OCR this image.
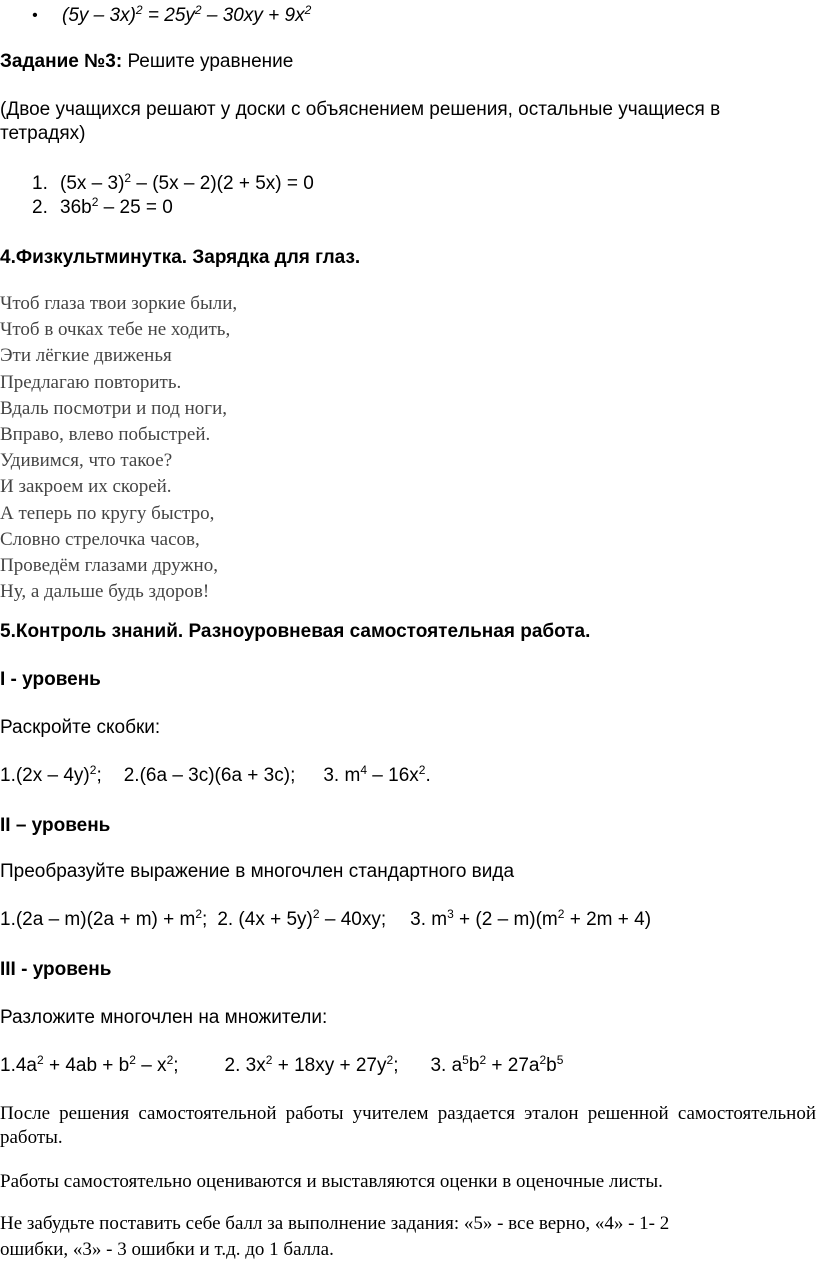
• $(5y - 3x)^2 = 25y^2 - 30xy + 9x^2$
Задание №3: Решите уравнение
(Двое учащихся решают у доски с объяснением решения, остальные учащиеся в
тетрадях)
1. (5x – 3)$^2$ – (5x – 2)(2 + 5x) = 0
2. $36b^2 - 25 = 0$
4.Физкультминутка. Зарядка для глаз.
Чтоб глаза твои зоркие были,
Чтоб в очках тебе не ходить,
Эти лёгкие движенья
Предлагаю повторить.
Вдаль посмотри и под ноги,
Вправо, влево побыстрей.
Удивимся, что такое?
И закроем их скорей.
А теперь по кругу быстро,
Словно стрелочка часов,
Проведём глазами дружно,
Ну, а дальше будь здоров!
5.Контроль знаний. Разноуровневая самостоятельная работа.
I - уровень
Раскройте скобки:
1.(2x – 4y)$^2$; 2.(6a – 3c)(6a + 3c); 3. $m^4 - 16x^2$.
II – уровень
Преобразуйте выражение в многочлен стандартного вида
$1.(2a - m)(2a + m) + m^2$; 2. $(4x + 5y)^2 - 40xy$; 3. $m^3 + (2 - m)(m^2 + 2m + 4)$
III - уровень
Разложите многочлен на множители:
$1.4a^2 + 4ab + b^2 - x^2$; 2. $3x^2 + 18xy + 27y^2$; 3. $a^5b^2 + 27a^2b^5$
После решения самостоятельной работы учителем раздается эталон решенной самостоятельной работы.
Работы самостоятельно оцениваются и выставляются оценки в оценочные листы.
Не забудьте поставить себе балл за выполнение задания: «5» - все верно, «4» - 1- 2
ошибки, «3» - 3 ошибки и т.д. до 1 балла.
